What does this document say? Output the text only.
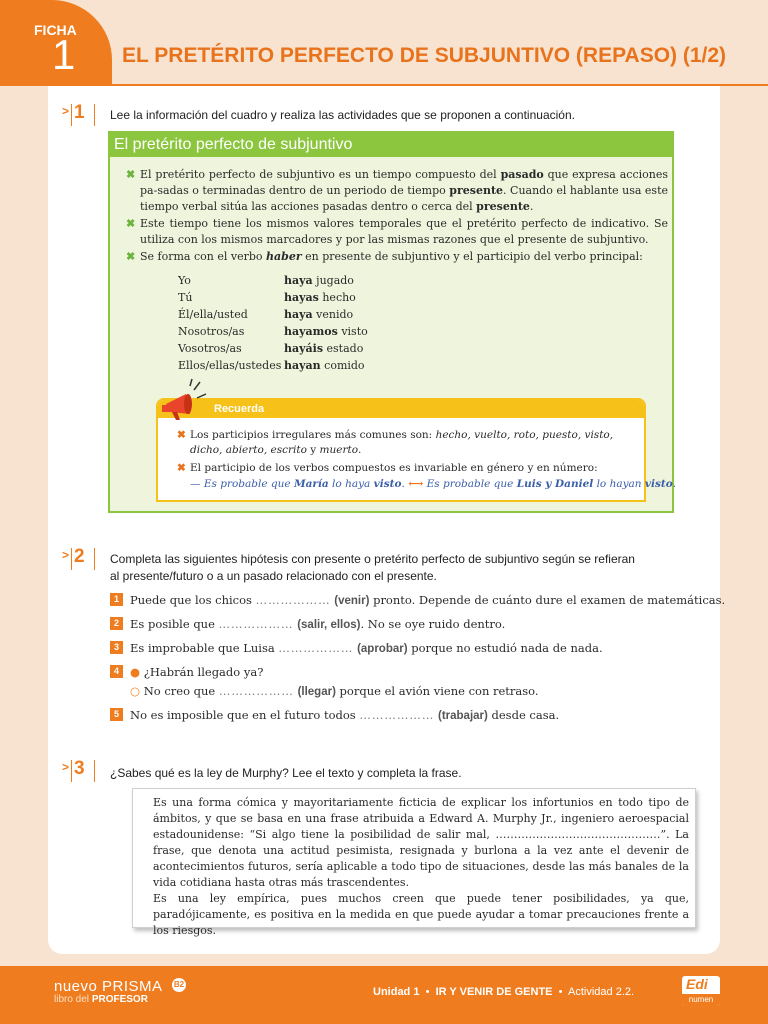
FICHA
1 EL PRETÉRITO PERFECTO DE SUBJUNTIVO (REPASO) (1/2)
> 1 Lee la información del cuadro y realiza las actividades que se proponen a continuación.
El pretérito perfecto de subjuntivo
✖ El pretérito perfecto de subjuntivo es un tiempo compuesto del pasado que expresa acciones pa-sadas o terminadas dentro de un periodo de tiempo presente. Cuando el hablante usa este tiempo verbal sitúa las acciones pasadas dentro o cerca del presente.
✖ Este tiempo tiene los mismos valores temporales que el pretérito perfecto de indicativo. Se utiliza con los mismos marcadores y por las mismas razones que el presente de subjuntivo.
✖ Se forma con el verbo haber en presente de subjuntivo y el participio del verbo principal:
Yo	haya jugado
Tú	hayas hecho
Él/ella/usted	haya venido
Nosotros/as	hayamos visto
Vosotros/as	hayáis estado
Ellos/ellas/ustedes hayan comido
Recuerda
✖ Los participios irregulares más comunes son: hecho, vuelto, roto, puesto, visto, dicho, abierto, escrito y muerto.
✖ El participio de los verbos compuestos es invariable en género y en número:
— Es probable que María lo haya visto. ⟷ Es probable que Luis y Daniel lo hayan visto.
> 2 Completa las siguientes hipótesis con presente o pretérito perfecto de subjuntivo según se refieran
al presente/futuro o a un pasado relacionado con el presente.
1 Puede que los chicos ……………… (venir) pronto. Depende de cuánto dure el examen de matemáticas.
2 Es posible que ……………… (salir, ellos). No se oye ruido dentro.
3 Es improbable que Luisa ……………… (aprobar) porque no estudió nada de nada.
4 ● ¿Habrán llegado ya?
○ No creo que ……………… (llegar) porque el avión viene con retraso.
5 No es imposible que en el futuro todos ……………… (trabajar) desde casa.
> 3 ¿Sabes qué es la ley de Murphy? Lee el texto y completa la frase.

Es una forma cómica y mayoritariamente ficticia de explicar los infortunios en todo tipo de ámbitos, y que se basa en una frase atribuida a Edward A. Murphy Jr., ingeniero aeroespacial estadounidense: “Si algo tiene la posibilidad de salir mal, ………………………………………”. La frase, que denota una actitud pesimista, resignada y burlona a la vez ante el devenir de acontecimientos futuros, sería aplicable a todo tipo de situaciones, desde las más banales de la vida cotidiana hasta otras más trascendentes.

Es una ley empírica, pues muchos creen que puede tener posibilidades, ya que, paradójicamente, es positiva en la medida en que puede ayudar a tomar precauciones frente a los riesgos.

nuevo PRISMA B2
libro del PROFESOR
Unidad 1 • IR Y VENIR DE GENTE • Actividad 2.2.	Edi
numen
